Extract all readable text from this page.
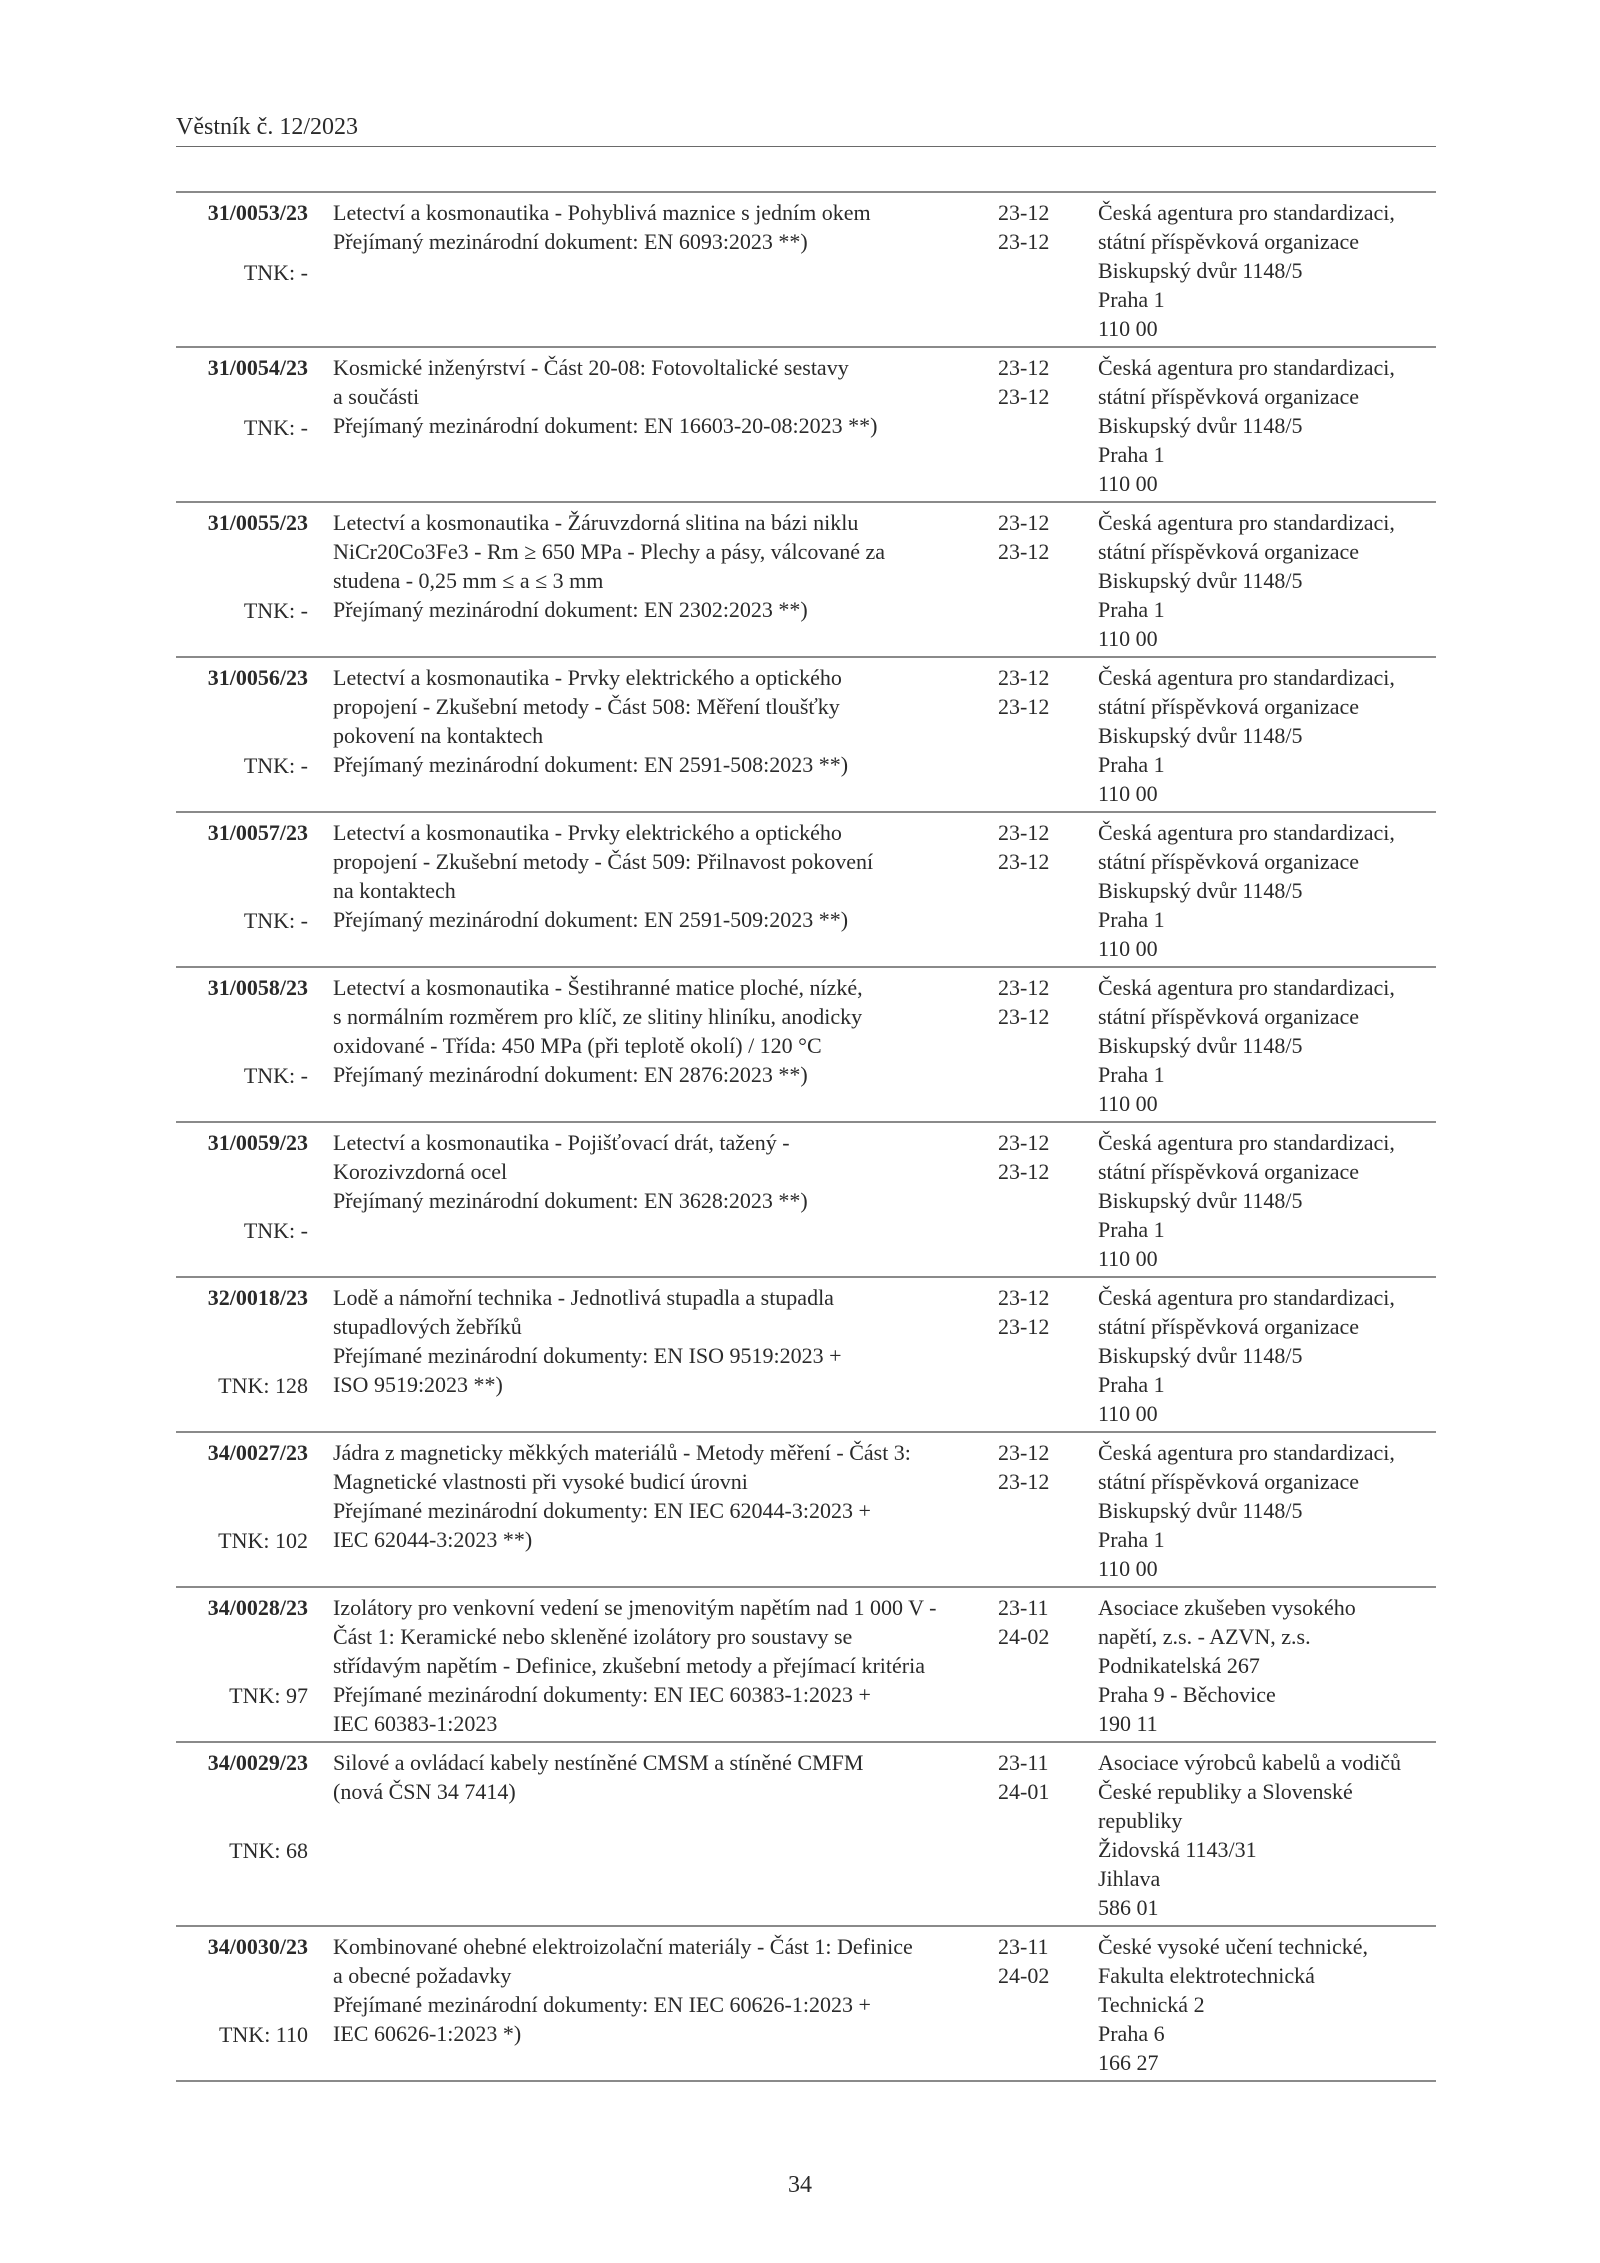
Věstník č. 12/2023
31/0053/23
TNK: -
Letectví a kosmonautika - Pohyblivá maznice s jedním okem
Přejímaný mezinárodní dokument: EN 6093:2023 **)
23-12
23-12
Česká agentura pro standardizaci,
státní příspěvková organizace
Biskupský dvůr 1148/5
Praha 1
110 00
31/0054/23
TNK: -
Kosmické inženýrství - Část 20-08: Fotovoltalické sestavy
a součásti
Přejímaný mezinárodní dokument: EN 16603-20-08:2023 **)
23-12
23-12
Česká agentura pro standardizaci,
státní příspěvková organizace
Biskupský dvůr 1148/5
Praha 1
110 00
31/0055/23
TNK: -
Letectví a kosmonautika - Žáruvzdorná slitina na bázi niklu
NiCr20Co3Fe3 - Rm ≥ 650 MPa - Plechy a pásy, válcované za
studena - 0,25 mm ≤ a ≤ 3 mm
Přejímaný mezinárodní dokument: EN 2302:2023 **)
23-12
23-12
Česká agentura pro standardizaci,
státní příspěvková organizace
Biskupský dvůr 1148/5
Praha 1
110 00
31/0056/23
TNK: -
Letectví a kosmonautika - Prvky elektrického a optického
propojení - Zkušební metody - Část 508: Měření tloušťky
pokovení na kontaktech
Přejímaný mezinárodní dokument: EN 2591-508:2023 **)
23-12
23-12
Česká agentura pro standardizaci,
státní příspěvková organizace
Biskupský dvůr 1148/5
Praha 1
110 00
31/0057/23
TNK: -
Letectví a kosmonautika - Prvky elektrického a optického
propojení - Zkušební metody - Část 509: Přilnavost pokovení
na kontaktech
Přejímaný mezinárodní dokument: EN 2591-509:2023 **)
23-12
23-12
Česká agentura pro standardizaci,
státní příspěvková organizace
Biskupský dvůr 1148/5
Praha 1
110 00
31/0058/23
TNK: -
Letectví a kosmonautika - Šestihranné matice ploché, nízké,
s normálním rozměrem pro klíč, ze slitiny hliníku, anodicky
oxidované - Třída: 450 MPa (při teplotě okolí) / 120 °C
Přejímaný mezinárodní dokument: EN 2876:2023 **)
23-12
23-12
Česká agentura pro standardizaci,
státní příspěvková organizace
Biskupský dvůr 1148/5
Praha 1
110 00
31/0059/23
TNK: -
Letectví a kosmonautika - Pojišťovací drát, tažený -
Korozivzdorná ocel
Přejímaný mezinárodní dokument: EN 3628:2023 **)
23-12
23-12
Česká agentura pro standardizaci,
státní příspěvková organizace
Biskupský dvůr 1148/5
Praha 1
110 00
32/0018/23
TNK: 128
Lodě a námořní technika - Jednotlivá stupadla a stupadla
stupadlových žebříků
Přejímané mezinárodní dokumenty: EN ISO 9519:2023 +
ISO 9519:2023 **)
23-12
23-12
Česká agentura pro standardizaci,
státní příspěvková organizace
Biskupský dvůr 1148/5
Praha 1
110 00
34/0027/23
TNK: 102
Jádra z magneticky měkkých materiálů - Metody měření - Část 3:
Magnetické vlastnosti při vysoké budicí úrovni
Přejímané mezinárodní dokumenty: EN IEC 62044-3:2023 +
IEC 62044-3:2023 **)
23-12
23-12
Česká agentura pro standardizaci,
státní příspěvková organizace
Biskupský dvůr 1148/5
Praha 1
110 00
34/0028/23
TNK: 97
Izolátory pro venkovní vedení se jmenovitým napětím nad 1 000 V -
Část 1: Keramické nebo skleněné izolátory pro soustavy se
střídavým napětím - Definice, zkušební metody a přejímací kritéria
Přejímané mezinárodní dokumenty: EN IEC 60383-1:2023 +
IEC 60383-1:2023
23-11
24-02
Asociace zkušeben vysokého
napětí, z.s. - AZVN, z.s.
Podnikatelská 267
Praha 9 - Běchovice
190 11
34/0029/23
TNK: 68
Silové a ovládací kabely nestíněné CMSM a stíněné CMFM
(nová ČSN 34 7414)
23-11
24-01
Asociace výrobců kabelů a vodičů
České republiky a Slovenské
republiky
Židovská 1143/31
Jihlava
586 01
34/0030/23
TNK: 110
Kombinované ohebné elektroizolační materiály - Část 1: Definice
a obecné požadavky
Přejímané mezinárodní dokumenty: EN IEC 60626-1:2023 +
IEC 60626-1:2023 *)
23-11
24-02
České vysoké učení technické,
Fakulta elektrotechnická
Technická 2
Praha 6
166 27
34
